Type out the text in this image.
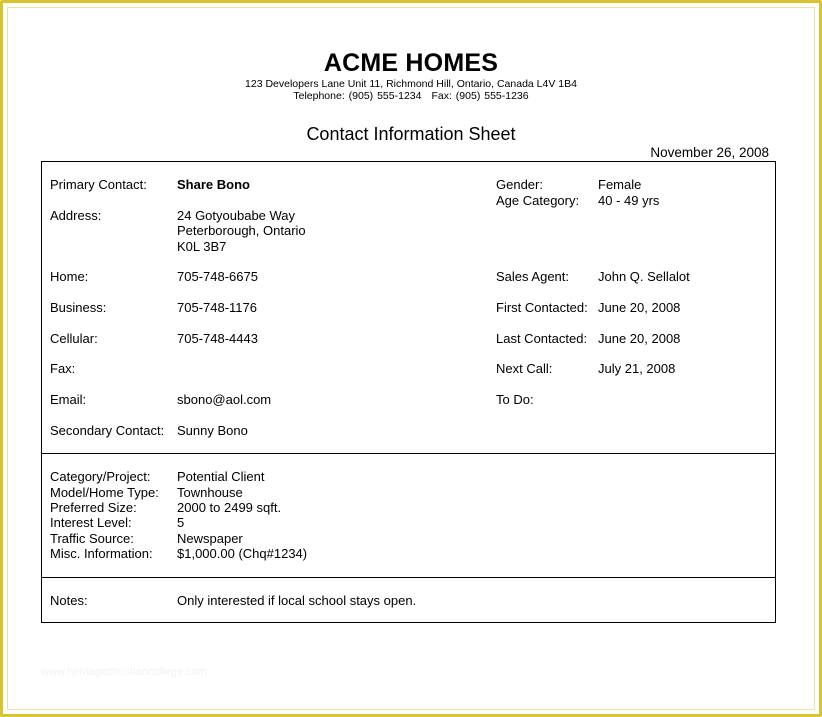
ACME HOMES
123 Developers Lane Unit 11, Richmond Hill, Ontario, Canada L4V 1B4
Telephone: (905) 555-1234 Fax: (905) 555-1236
Contact Information Sheet
November 26, 2008
Primary Contact: Share Bono
Address:	24 Gotyoubabe Way
Peterborough, Ontario
K0L 3B7
Home:	705-748-6675
Business:	705-748-1176
Cellular:	705-748-4443
Fax:
Email:	sbono@aol.com
Secondary Contact: Sunny Bono
Gender:	Female
Age Category: 40 - 49 yrs
Sales Agent: John Q. Sellalot
First Contacted: June 20, 2008
Last Contacted: June 20, 2008
Next Call:	July 21, 2008
To Do:
Category/Project: Potential Client
Model/Home Type: Townhouse
Preferred Size:	2000 to 2499 sqft.
Interest Level:	5
Traffic Source:	Newspaper
Misc. Information: $1,000.00 (Chq#1234)
Notes:	Only interested if local school stays open.
www.heritagechristiancollege.com
